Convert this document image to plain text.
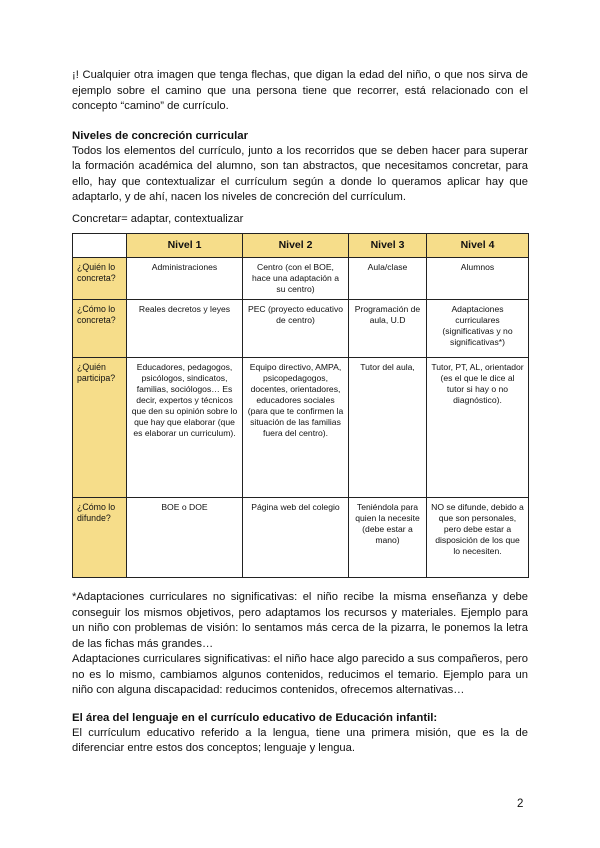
¡! Cualquier otra imagen que tenga flechas, que digan la edad del niño, o que nos sirva de ejemplo sobre el camino que una persona tiene que recorrer, está relacionado con el concepto “camino” de currículo.

Niveles de concreción curricular

Todos los elementos del currículo, junto a los recorridos que se deben hacer para superar la formación académica del alumno, son tan abstractos, que necesitamos concretar, para ello, hay que contextualizar el currículum según a donde lo queramos aplicar hay que adaptarlo, y de ahí, nacen los niveles de concreción del currículum.

Concretar= adaptar, contextualizar

	Nivel 1	Nivel 2	Nivel 3	Nivel 4
¿Quién lo concreta?	Administraciones	Centro (con el BOE, hace una adaptación a su centro)	Aula/clase	Alumnos
¿Cómo lo concreta?	Reales decretos y leyes	PEC (proyecto educativo de centro)	Programación de aula, U.D	Adaptaciones curriculares (significativas y no significativas*)
¿Quién participa?	Educadores, pedagogos, psicólogos, sindicatos, familias, sociólogos… Es decir, expertos y técnicos que den su opinión sobre lo que hay que elaborar (que es elaborar un curriculum).	Equipo directivo, AMPA, psicopedagogos, docentes, orientadores, educadores sociales (para que te confirmen la situación de las familias fuera del centro).	Tutor del aula,	Tutor, PT, AL, orientador (es el que le dice al tutor si hay o no diagnóstico).
¿Cómo lo difunde?	BOE o DOE	Página web del colegio	Teniéndola para quien la necesite (debe estar a mano)	NO se difunde, debido a que son personales, pero debe estar a disposición de los que lo necesiten.

*Adaptaciones curriculares no significativas: el niño recibe la misma enseñanza y debe conseguir los mismos objetivos, pero adaptamos los recursos y materiales. Ejemplo para un niño con problemas de visión: lo sentamos más cerca de la pizarra, le ponemos la letra de las fichas más grandes…

Adaptaciones curriculares significativas: el niño hace algo parecido a sus compañeros, pero no es lo mismo, cambiamos algunos contenidos, reducimos el temario. Ejemplo para un niño con alguna discapacidad: reducimos contenidos, ofrecemos alternativas…

El área del lenguaje en el currículo educativo de Educación infantil:

El currículum educativo referido a la lengua, tiene una primera misión, que es la de diferenciar entre estos dos conceptos; lenguaje y lengua.

2
